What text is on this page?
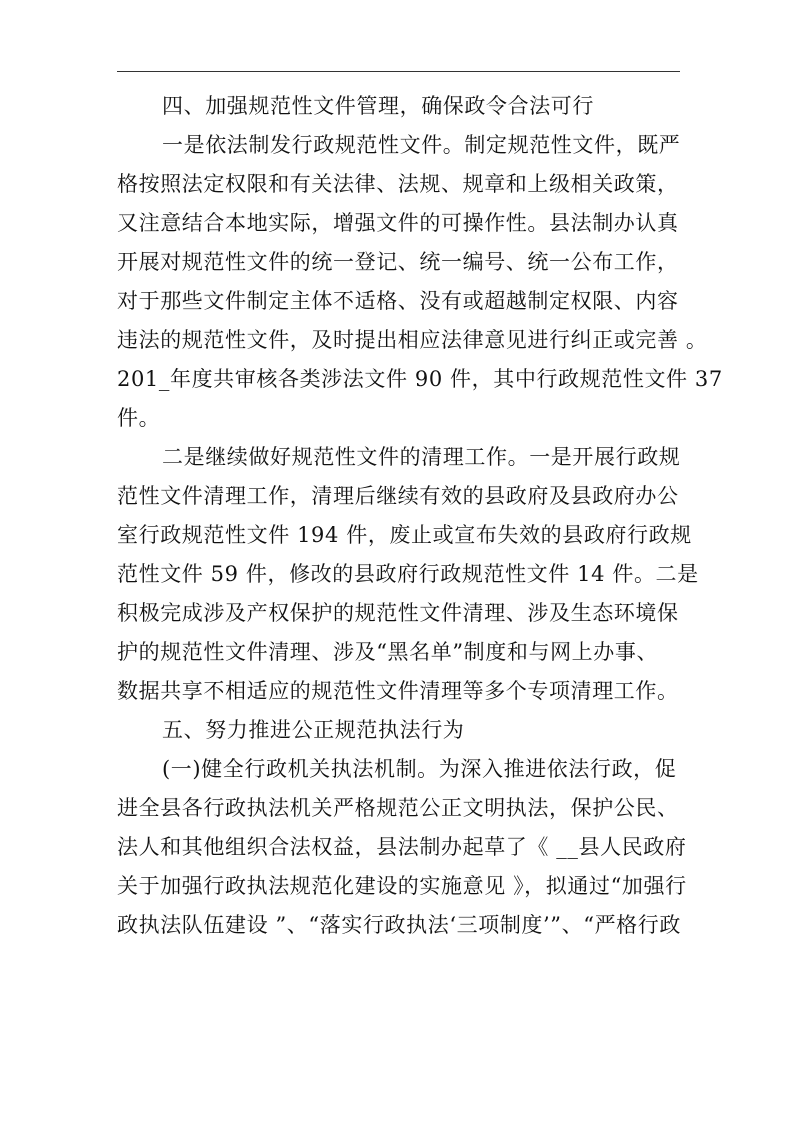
四、加强规范性文件管理，确保政令合法可行
一是依法制发行政规范性文件。制定规范性文件，既严
格按照法定权限和有关法律、法规、规章和上级相关政策，
又注意结合本地实际，增强文件的可操作性。县法制办认真
开展对规范性文件的统一登记、统一编号、统一公布工作，
对于那些文件制定主体不适格、没有或超越制定权限、内容
违法的规范性文件，及时提出相应法律意见进行纠正或完善 。
201_年度共审核各类涉法文件 90 件，其中行政规范性文件 37
件。
二是继续做好规范性文件的清理工作。一是开展行政规
范性文件清理工作，清理后继续有效的县政府及县政府办公
室行政规范性文件 194 件，废止或宣布失效的县政府行政规
范性文件 59 件，修改的县政府行政规范性文件 14 件。二是
积极完成涉及产权保护的规范性文件清理、涉及生态环境保
护的规范性文件清理、涉及“黑名单”制度和与网上办事、
数据共享不相适应的规范性文件清理等多个专项清理工作。
五、努力推进公正规范执法行为
(一)健全行政机关执法机制。为深入推进依法行政，促
进全县各行政执法机关严格规范公正文明执法，保护公民、
法人和其他组织合法权益，县法制办起草了《 __县人民政府
关于加强行政执法规范化建设的实施意见 》，拟通过“加强行
政执法队伍建设 ”、“落实行政执法‘三项制度’”、“严格行政
